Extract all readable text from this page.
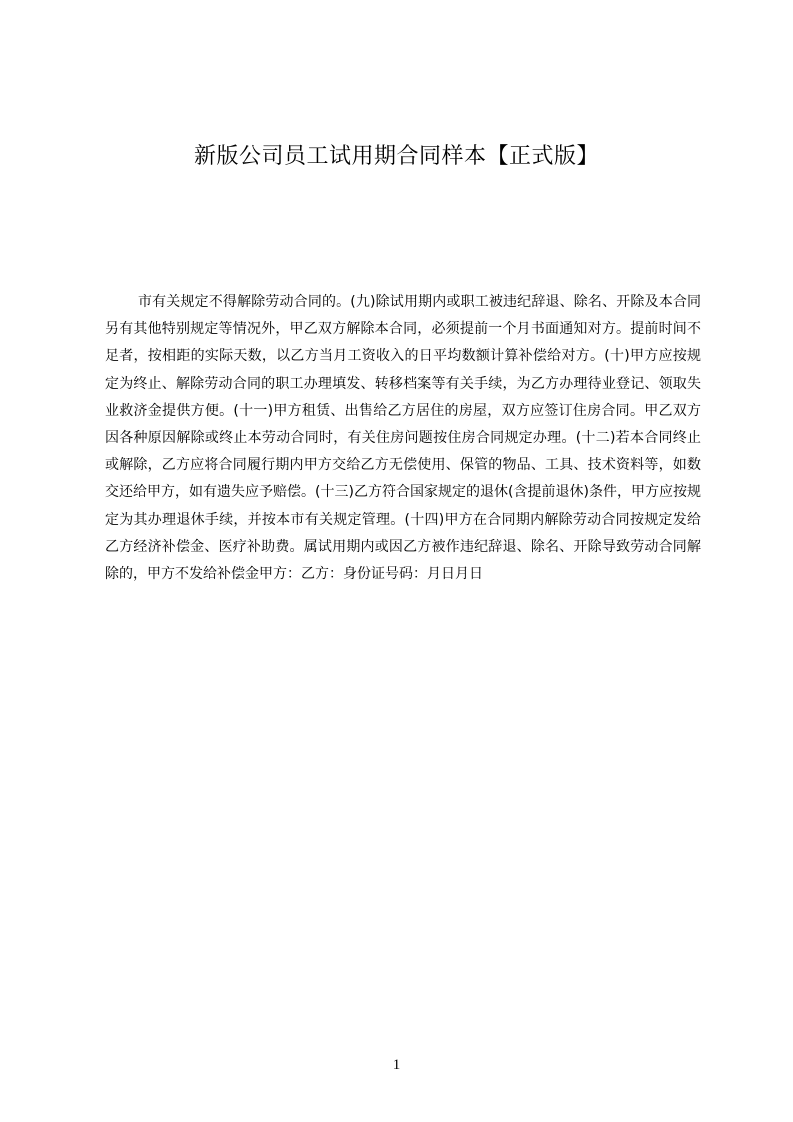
新版公司员工试用期合同样本【正式版】

市有关规定不得解除劳动合同的。(九)除试用期内或职工被违纪辞退、除名、开除及本合同另有其他特别规定等情况外，甲乙双方解除本合同，必须提前一个月书面通知对方。提前时间不足者，按相距的实际天数，以乙方当月工资收入的日平均数额计算补偿给对方。(十)甲方应按规定为终止、解除劳动合同的职工办理填发、转移档案等有关手续，为乙方办理待业登记、领取失业救济金提供方便。(十一)甲方租赁、出售给乙方居住的房屋，双方应签订住房合同。甲乙双方因各种原因解除或终止本劳动合同时，有关住房问题按住房合同规定办理。(十二)若本合同终止或解除，乙方应将合同履行期内甲方交给乙方无偿使用、保管的物品、工具、技术资料等，如数交还给甲方，如有遗失应予赔偿。(十三)乙方符合国家规定的退休(含提前退休)条件，甲方应按规定为其办理退休手续，并按本市有关规定管理。(十四)甲方在合同期内解除劳动合同按规定发给乙方经济补偿金、医疗补助费。属试用期内或因乙方被作违纪辞退、除名、开除导致劳动合同解除的，甲方不发给补偿金甲方：乙方：身份证号码：月日月日

1
